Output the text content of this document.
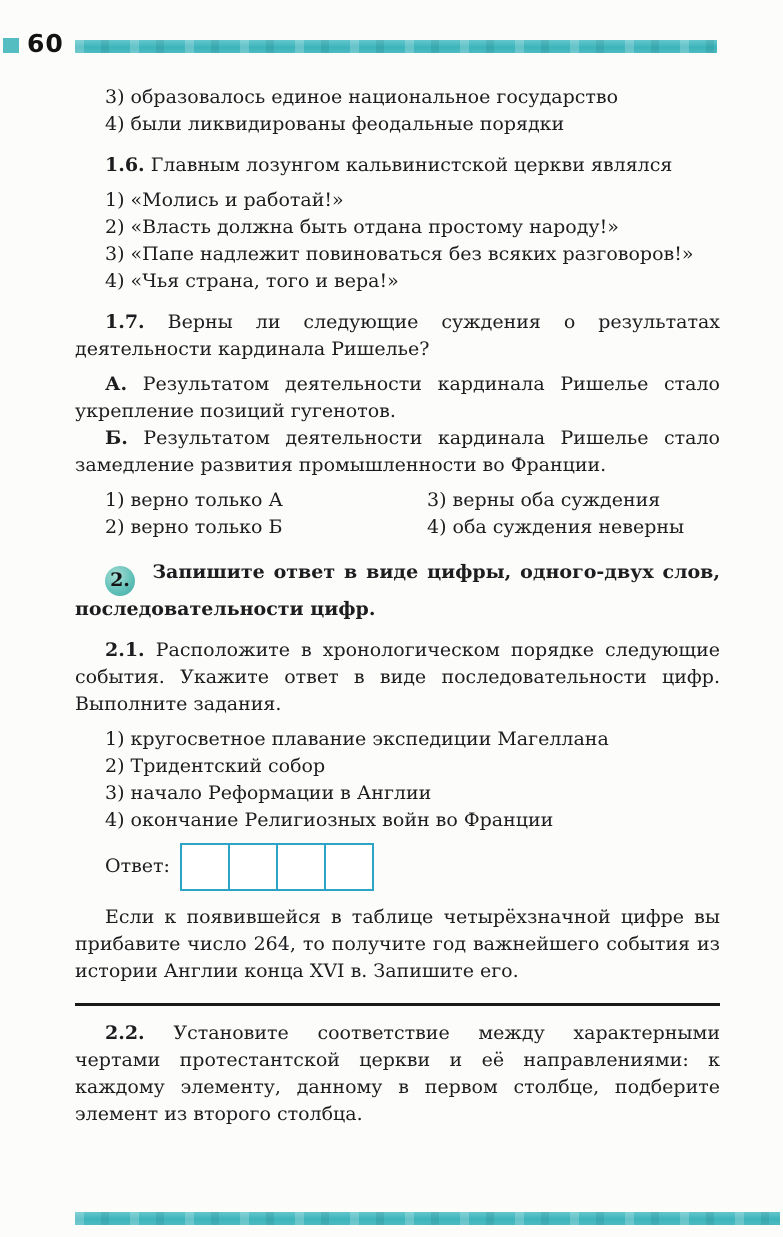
60

3) образовалось единое национальное государство

4) были ликвидированы феодальные порядки

1.6. Главным лозунгом кальвинистской церкви являлся

1) «Молись и работай!»

2) «Власть должна быть отдана простому народу!»

3) «Папе надлежит повиноваться без всяких разговоров!»

4) «Чья страна, того и вера!»

1.7. Верны ли следующие суждения о результатах деятельности кардинала Ришелье?

А. Результатом деятельности кардинала Ришелье стало укрепление позиций гугенотов.

Б. Результатом деятельности кардинала Ришелье стало замедление развития промышленности во Франции.

1) верно только А

2) верно только Б

3) верны оба суждения

4) оба суждения неверны

2. Запишите ответ в виде цифры, одного-двух слов, последовательности цифр.

2.1. Расположите в хронологическом порядке следующие события. Укажите ответ в виде последовательности цифр. Выполните задания.

1) кругосветное плавание экспедиции Магеллана

2) Тридентский собор

3) начало Реформации в Англии

4) окончание Религиозных войн во Франции

Ответ:

Если к появившейся в таблице четырёхзначной цифре вы прибавите число 264, то получите год важнейшего события из истории Англии конца XVI в. Запишите его.

2.2. Установите соответствие между характерными чертами протестантской церкви и её направлениями: к каждому элементу, данному в первом столбце, подберите элемент из второго столбца.
